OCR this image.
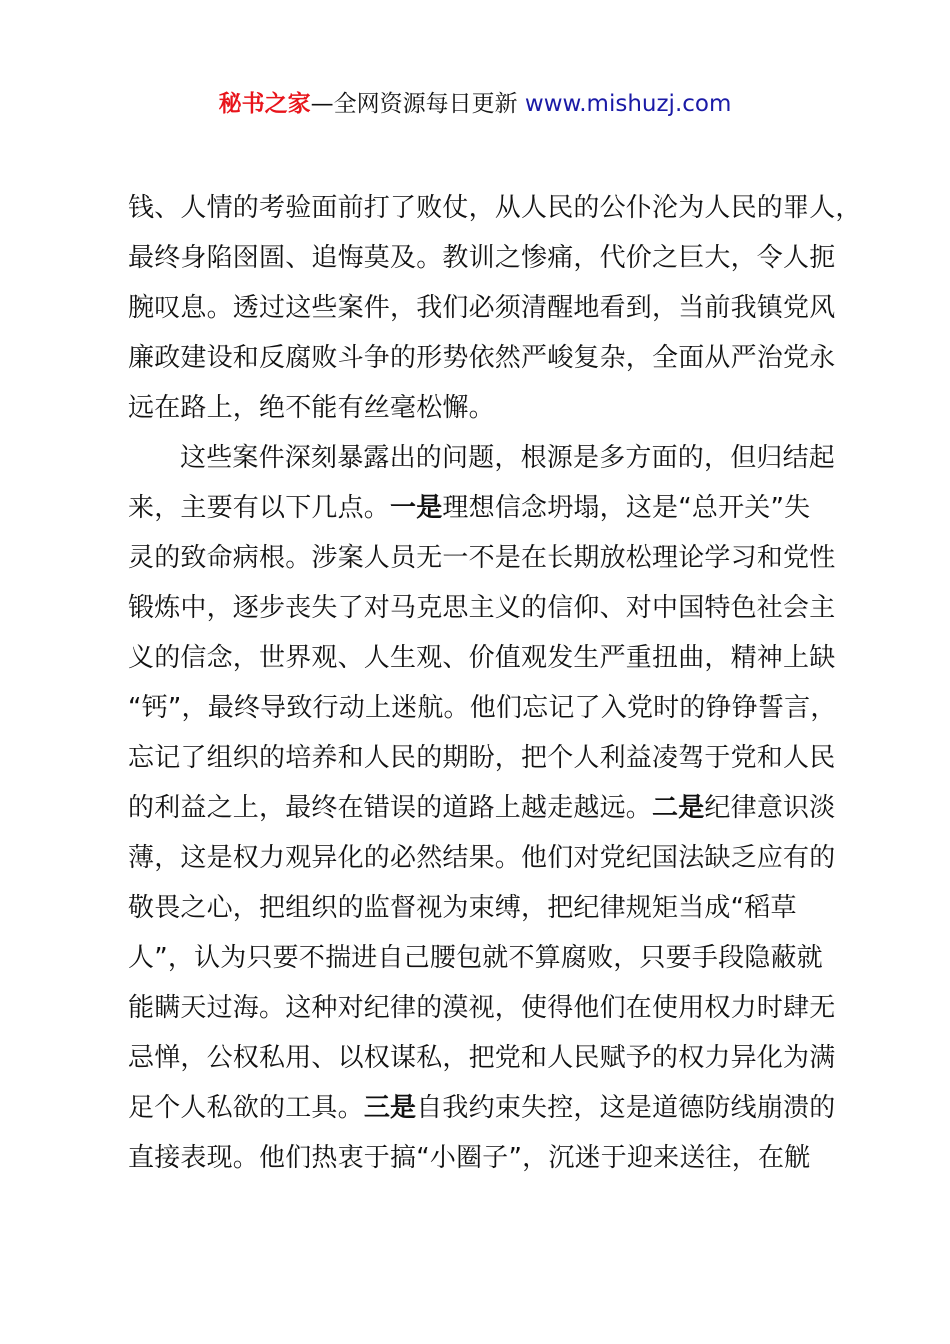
秘书之家—全网资源每日更新 www.mishuzj.com
钱、人情的考验面前打了败仗，从人民的公仆沦为人民的罪人，
最终身陷囹圄、追悔莫及。教训之惨痛，代价之巨大，令人扼
腕叹息。透过这些案件，我们必须清醒地看到，当前我镇党风
廉政建设和反腐败斗争的形势依然严峻复杂，全面从严治党永
远在路上，绝不能有丝毫松懈。
这些案件深刻暴露出的问题，根源是多方面的，但归结起
来，主要有以下几点。一是理想信念坍塌，这是“总开关”失
灵的致命病根。涉案人员无一不是在长期放松理论学习和党性
锻炼中，逐步丧失了对马克思主义的信仰、对中国特色社会主
义的信念，世界观、人生观、价值观发生严重扭曲，精神上缺
“钙”，最终导致行动上迷航。他们忘记了入党时的铮铮誓言，
忘记了组织的培养和人民的期盼，把个人利益凌驾于党和人民
的利益之上，最终在错误的道路上越走越远。二是纪律意识淡
薄，这是权力观异化的必然结果。他们对党纪国法缺乏应有的
敬畏之心，把组织的监督视为束缚，把纪律规矩当成“稻草
人”，认为只要不揣进自己腰包就不算腐败，只要手段隐蔽就
能瞒天过海。这种对纪律的漠视，使得他们在使用权力时肆无
忌惮，公权私用、以权谋私，把党和人民赋予的权力异化为满
足个人私欲的工具。三是自我约束失控，这是道德防线崩溃的
直接表现。他们热衷于搞“小圈子”，沉迷于迎来送往，在觥
